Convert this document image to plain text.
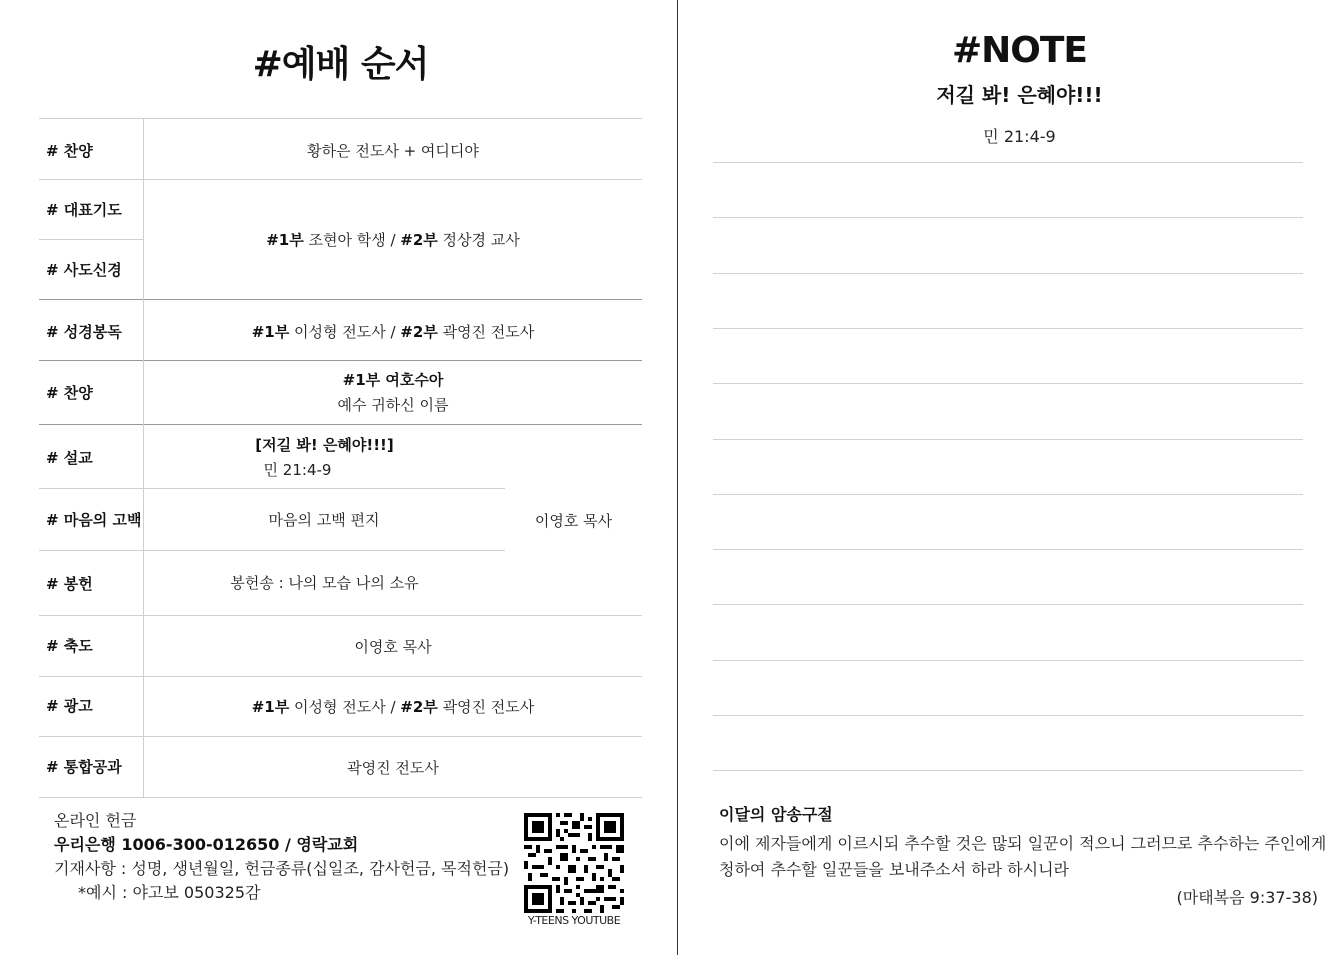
#예배 순서
# 찬양
# 대표기도
# 사도신경
# 성경봉독
# 찬양
# 설교
# 마음의 고백
# 봉헌
# 축도
# 광고
# 통합공과
황하은 전도사 + 여디디야
#1부 조현아 학생 / #2부 정상경 교사
#1부 이성형 전도사 / #2부 곽영진 전도사
#1부 여호수아
예수 귀하신 이름
[저길 봐! 은혜야!!!]
민 21:4-9
마음의 고백 편지	이영호 목사
봉헌송 : 나의 모습 나의 소유
이영호 목사
#1부 이성형 전도사 / #2부 곽영진 전도사
곽영진 전도사
온라인 헌금
우리은행 1006-300-012650 / 영락교회
기재사항 : 성명, 생년월일, 헌금종류(십일조, 감사헌금, 목적헌금)
*예시 : 야고보 050325감
Y-TEENS YOUTUBE
#NOTE
저길 봐! 은혜야!!!
민 21:4-9
이달의 암송구절
이에 제자들에게 이르시되 추수할 것은 많되 일꾼이 적으니 그러므로 추수하는 주인에게 청하여 추수할 일꾼들을 보내주소서 하라 하시니라
(마태복음 9:37-38)
